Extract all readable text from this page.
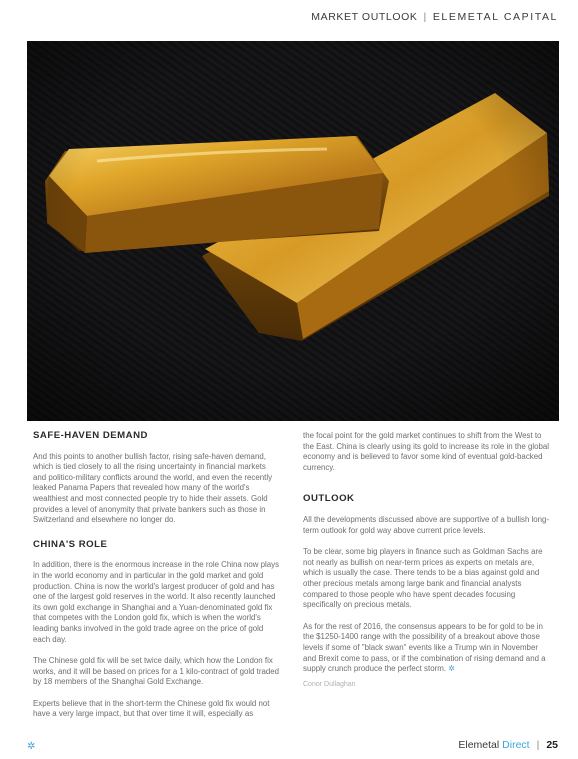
MARKET OUTLOOK | ELEMETAL CAPITAL
SAFE-HAVEN DEMAND

And this points to another bullish factor, rising safe-haven demand, which is tied closely to all the rising uncertainty in financial markets and politico-military conflicts around the world, and even the recently leaked Panama Papers that revealed how many of the world's wealthiest and most connected people try to hide their assets. Gold provides a level of anonymity that private bankers such as those in Switzerland and elsewhere no longer do.

CHINA'S ROLE

In addition, there is the enormous increase in the role China now plays in the world economy and in particular in the gold market and gold production. China is now the world's largest producer of gold and has one of the largest gold reserves in the world. It also recently launched its own gold exchange in Shanghai and a Yuan-denominated gold fix that competes with the London gold fix, which is when the world's leading banks involved in the gold trade agree on the price of gold each day.

The Chinese gold fix will be set twice daily, which how the London fix works, and it will be based on prices for a 1 kilo-contract of gold traded by 18 members of the Shanghai Gold Exchange.

Experts believe that in the short-term the Chinese gold fix would not have a very large impact, but that over time it will, especially as

the focal point for the gold market continues to shift from the West to the East. China is clearly using its gold to increase its role in the global economy and is believed to favor some kind of eventual gold-backed currency.

OUTLOOK

All the developments discussed above are supportive of a bullish long-term outlook for gold way above current price levels.

To be clear, some big players in finance such as Goldman Sachs are not nearly as bullish on near-term prices as experts on metals are, which is usually the case. There tends to be a bias against gold and other precious metals among large bank and financial analysts compared to those people who have spent decades focusing specifically on precious metals.

As for the rest of 2016, the consensus appears to be for gold to be in the $1250-1400 range with the possibility of a breakout above those levels if some of "black swan" events like a Trump win in November and Brexit come to pass, or if the combination of rising demand and a supply crunch produce the perfect storm. ✲

Conor Dullaghan
✲	Elemetal Direct | 25
